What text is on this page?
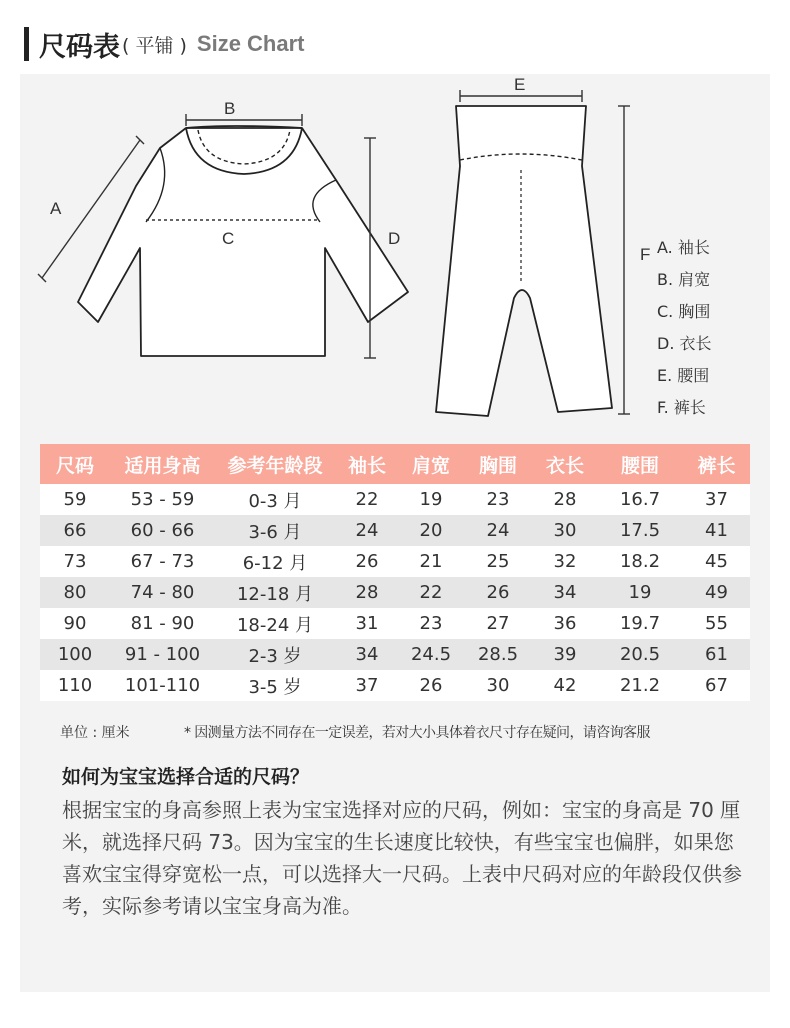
尺码表 ( 平铺 ) Size Chart
A
B
C	D
E
F A. 袖长
B. 肩宽
C. 胸围
D. 衣长
E. 腰围
F. 裤长
尺码	适用身高	参考年龄段	袖长	肩宽	胸围	衣长	腰围	裤长
59	53 - 59	0-3 月	22	19	23	28	16.7	37
66	60 - 66	3-6 月	24	20	24	30	17.5	41
73	67 - 73	6-12 月	26	21	25	32	18.2	45
80	74 - 80	12-18 月	28	22	26	34	19	49
90	81 - 90	18-24 月	31	23	27	36	19.7	55
100	91 - 100	2-3 岁	34	24.5	28.5	39	20.5	61
110	101-110	3-5 岁	37	26	30	42	21.2	67
单位 : 厘米	* 因测量方法不同存在一定误差，若对大小具体着衣尺寸存在疑问，请咨询客服
如何为宝宝选择合适的尺码？
根据宝宝的身高参照上表为宝宝选择对应的尺码，例如：宝宝的身高是 70 厘米，就选择尺码 73。因为宝宝的生长速度比较快，有些宝宝也偏胖，如果您喜欢宝宝得穿宽松一点，可以选择大一尺码。上表中尺码对应的年龄段仅供参考，实际参考请以宝宝身高为准。
